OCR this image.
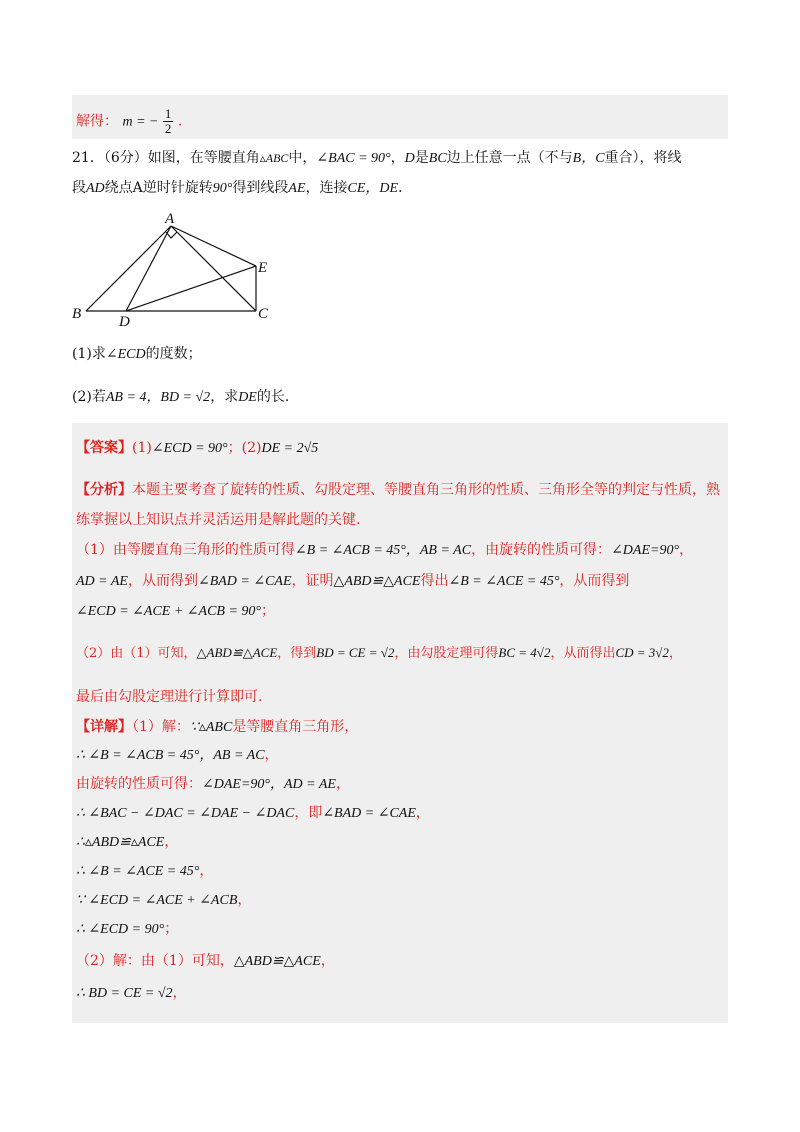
解得： m = − $\frac{1}{2}$ .
21．（6分）如图，在等腰直角▵ABC中，∠BAC = 90°，D是BC边上任意一点（不与B，C重合），将线
段AD绕点A逆时针旋转90°得到线段AE，连接CE，DE．
A
B	C
D
E
(1)求∠ECD的度数；
(2)若AB = 4，BD = √2，求DE的长.
【答案】(1)∠ECD = 90°；(2)DE = 2√5
【分析】本题主要考查了旋转的性质、勾股定理、等腰直角三角形的性质、三角形全等的判定与性质，熟
练掌握以上知识点并灵活运用是解此题的关键.
（1）由等腰直角三角形的性质可得∠B = ∠ACB = 45°，AB = AC，由旋转的性质可得：∠DAE=90°，
AD = AE，从而得到∠BAD = ∠CAE，证明△ABD≌△ACE得出∠B = ∠ACE = 45°，从而得到
∠ECD = ∠ACE + ∠ACB = 90°；
（2）由（1）可知，△ABD≌△ACE，得到BD = CE = √2，由勾股定理可得BC = 4√2，从而得出CD = 3√2，
最后由勾股定理进行计算即可.
【详解】（1）解：∵▵ABC是等腰直角三角形，
∴ ∠B = ∠ACB = 45°，AB = AC，
由旋转的性质可得：∠DAE=90°，AD = AE，
∴ ∠BAC − ∠DAC = ∠DAE − ∠DAC，即∠BAD = ∠CAE，
∴▵ABD≌▵ACE，
∴ ∠B = ∠ACE = 45°，
∵ ∠ECD = ∠ACE + ∠ACB，
∴ ∠ECD = 90°；
（2）解：由（1）可知，△ABD≌△ACE，
∴ BD = CE = √2，
